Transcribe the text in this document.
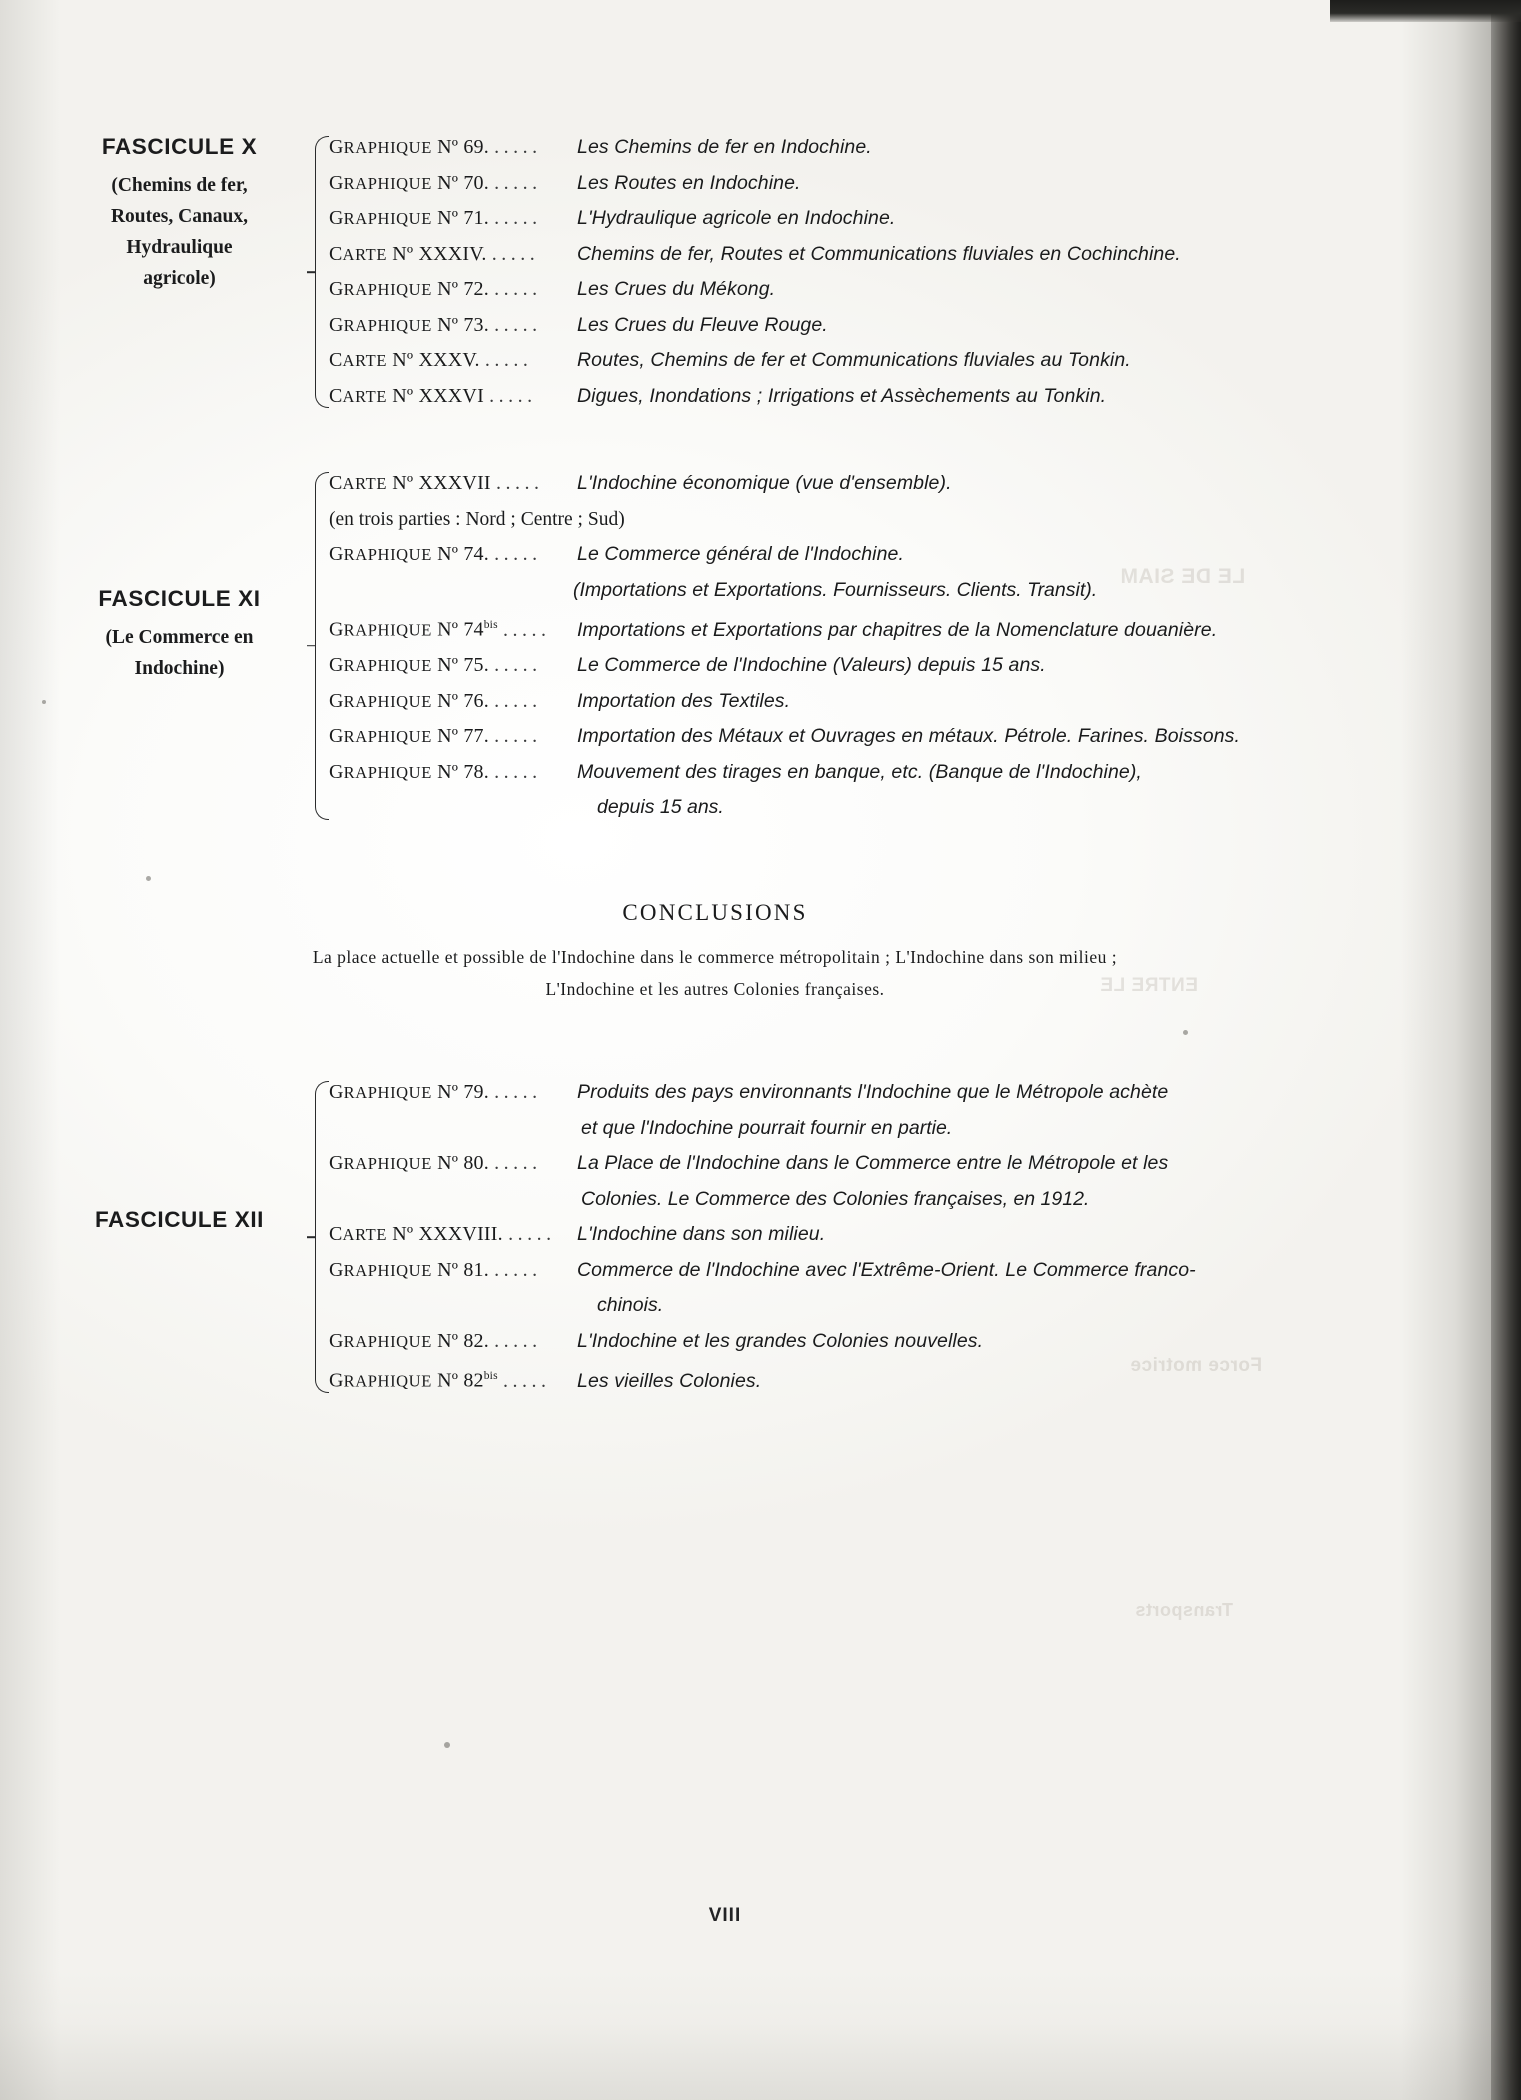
FASCICULE X
(Chemins de fer,
Routes, Canaux,
Hydraulique
agricole)
GRAPHIQUE Nº 69. .....	Les Chemins de fer en Indochine.
GRAPHIQUE Nº 70. .....	Les Routes en Indochine.
GRAPHIQUE Nº 71. .....	L'Hydraulique agricole en Indochine.
CARTE Nº XXXIV. .....	Chemins de fer, Routes et Communications fluviales en Cochinchine.
GRAPHIQUE Nº 72. .....	Les Crues du Mékong.
GRAPHIQUE Nº 73. .....	Les Crues du Fleuve Rouge.
CARTE Nº XXXV. .....	Routes, Chemins de fer et Communications fluviales au Tonkin.
CARTE Nº XXXVI .....	Digues, Inondations ; Irrigations et Assèchements au Tonkin.
FASCICULE XI
(Le Commerce en
Indochine)
CARTE Nº XXXVII .....	L'Indochine économique (vue d'ensemble).
(en trois parties : Nord ; Centre ; Sud)
GRAPHIQUE Nº 74. .....	Le Commerce général de l'Indochine.
(Importations et Exportations. Fournisseurs. Clients. Transit).
GRAPHIQUE Nº $74^{bis}$ .....	Importations et Exportations par chapitres de la Nomenclature douanière.
GRAPHIQUE Nº 75. .....	Le Commerce de l'Indochine (Valeurs) depuis 15 ans.
GRAPHIQUE Nº 76. .....	Importation des Textiles.
GRAPHIQUE Nº 77. .....	Importation des Métaux et Ouvrages en métaux. Pétrole. Farines. Boissons.
GRAPHIQUE Nº 78. .....	Mouvement des tirages en banque, etc. (Banque de l'Indochine),
depuis 15 ans.
CONCLUSIONS
La place actuelle et possible de l'Indochine dans le commerce métropolitain ; L'Indochine dans son milieu ;
L'Indochine et les autres Colonies françaises.
FASCICULE XII
GRAPHIQUE Nº 79. .....	Produits des pays environnants l'Indochine que le Métropole achète
et que l'Indochine pourrait fournir en partie.
GRAPHIQUE Nº 80. .....	La Place de l'Indochine dans le Commerce entre le Métropole et les
Colonies. Le Commerce des Colonies françaises, en 1912.
CARTE Nº XXXVIII. .....	L'Indochine dans son milieu.
GRAPHIQUE Nº 81. .....	Commerce de l'Indochine avec l'Extrême-Orient. Le Commerce franco-
chinois.
GRAPHIQUE Nº 82. .....	L'Indochine et les grandes Colonies nouvelles.
GRAPHIQUE Nº $82^{bis}$ .....	Les vieilles Colonies.
VIII
LE DE SIAM
ENTRE LE
Force motrice
Transports
